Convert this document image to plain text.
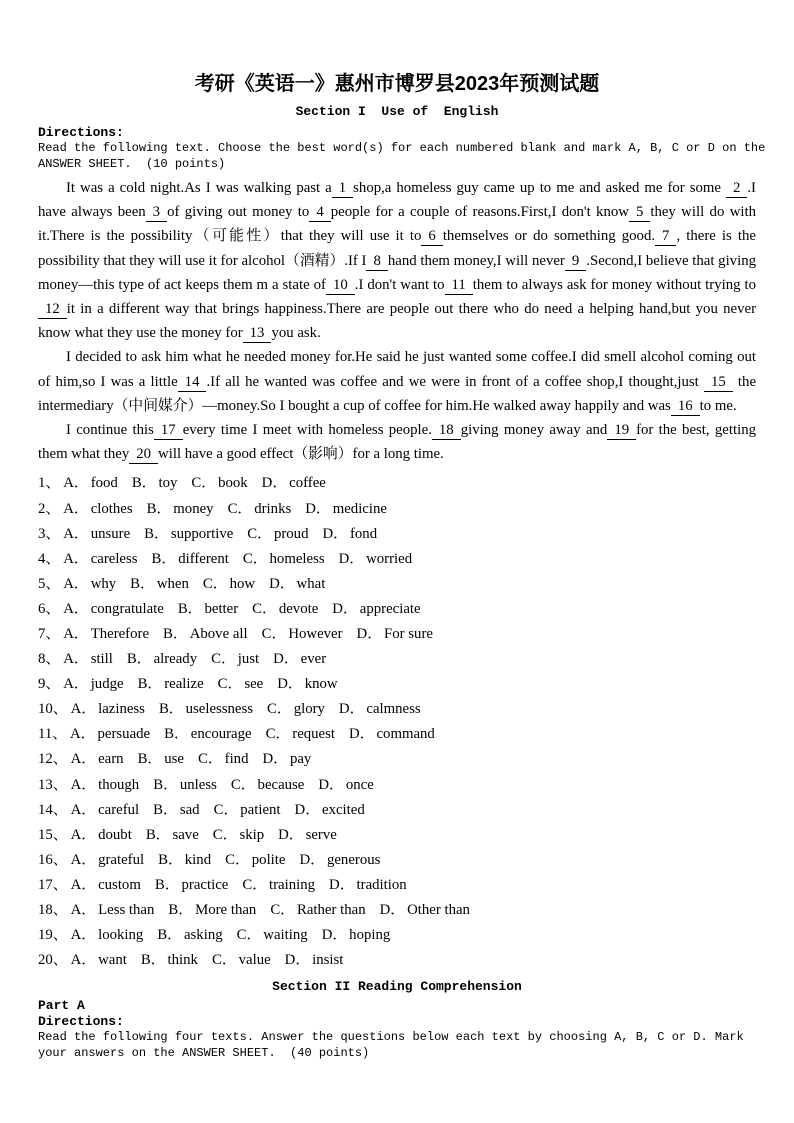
考研《英语一》惠州市博罗县2023年预测试题
Section I  Use of  English
Directions:
Read the following text. Choose the best word(s) for each numbered blank and mark A, B, C or D on the
ANSWER SHEET.  (10 points)

It was a cold night.As I was walking past a 1 shop,a homeless guy came up to me and asked me for some 2 .I have always been 3 of giving out money to 4 people for a couple of reasons.First,I don't know 5 they will do with it.There is the possibility（可能性）that they will use it to 6 themselves or do something good. 7 , there is the possibility that they will use it for alcohol（酒精）.If I 8 hand them money,I will never 9 .Second,I believe that giving money—this type of act keeps them m a state of 10 .I don't want to 11 them to always ask for money without trying to12 it in a different way that brings happiness.There are people out there who do need a helping hand,but you never know what they use the money for 13 you ask.

I decided to ask him what he needed money for.He said he just wanted some coffee.I did smell alcohol coming out of him,so I was a little 14 .If all he wanted was coffee and we were in front of a coffee shop,I thought,just 15 the intermediary（中间媒介）—money.So I bought a cup of coffee for him.He walked away happily and was 16 to me.

I continue this 17 every time I meet with homeless people. 18 giving money away and 19 for the best, getting them what they 20 will have a good effect（影响）for a long time.

1、 A． food B． toy C． book D． coffee
2、 A． clothes B． money C． drinks D． medicine
3、 A． unsure B． supportive C． proud D． fond
4、 A． careless B． different C． homeless D． worried
5、 A． why B． when C． how D． what
6、 A． congratulate B． better C． devote D． appreciate
7、 A． Therefore B． Above all C． However D． For sure
8、 A． still B． already C． just D． ever
9、 A． judge B． realize C． see D． know
10、 A． laziness B． uselessness C． glory D． calmness
11、 A． persuade B． encourage C． request D． command
12、 A． earn B． use C． find D． pay
13、 A． though B． unless C． because D． once
14、 A． careful B． sad C． patient D． excited
15、 A． doubt B． save C． skip D． serve
16、 A． grateful B． kind C． polite D． generous
17、 A． custom B． practice C． training D． tradition
18、 A． Less than B． More than C． Rather than D． Other than
19、 A． looking B． asking C． waiting D． hoping
20、 A． want B． think C． value D． insist
Section II Reading Comprehension
Part A
Directions:
Read the following four texts. Answer the questions below each text by choosing A, B, C or D. Mark
your answers on the ANSWER SHEET.  (40 points)
